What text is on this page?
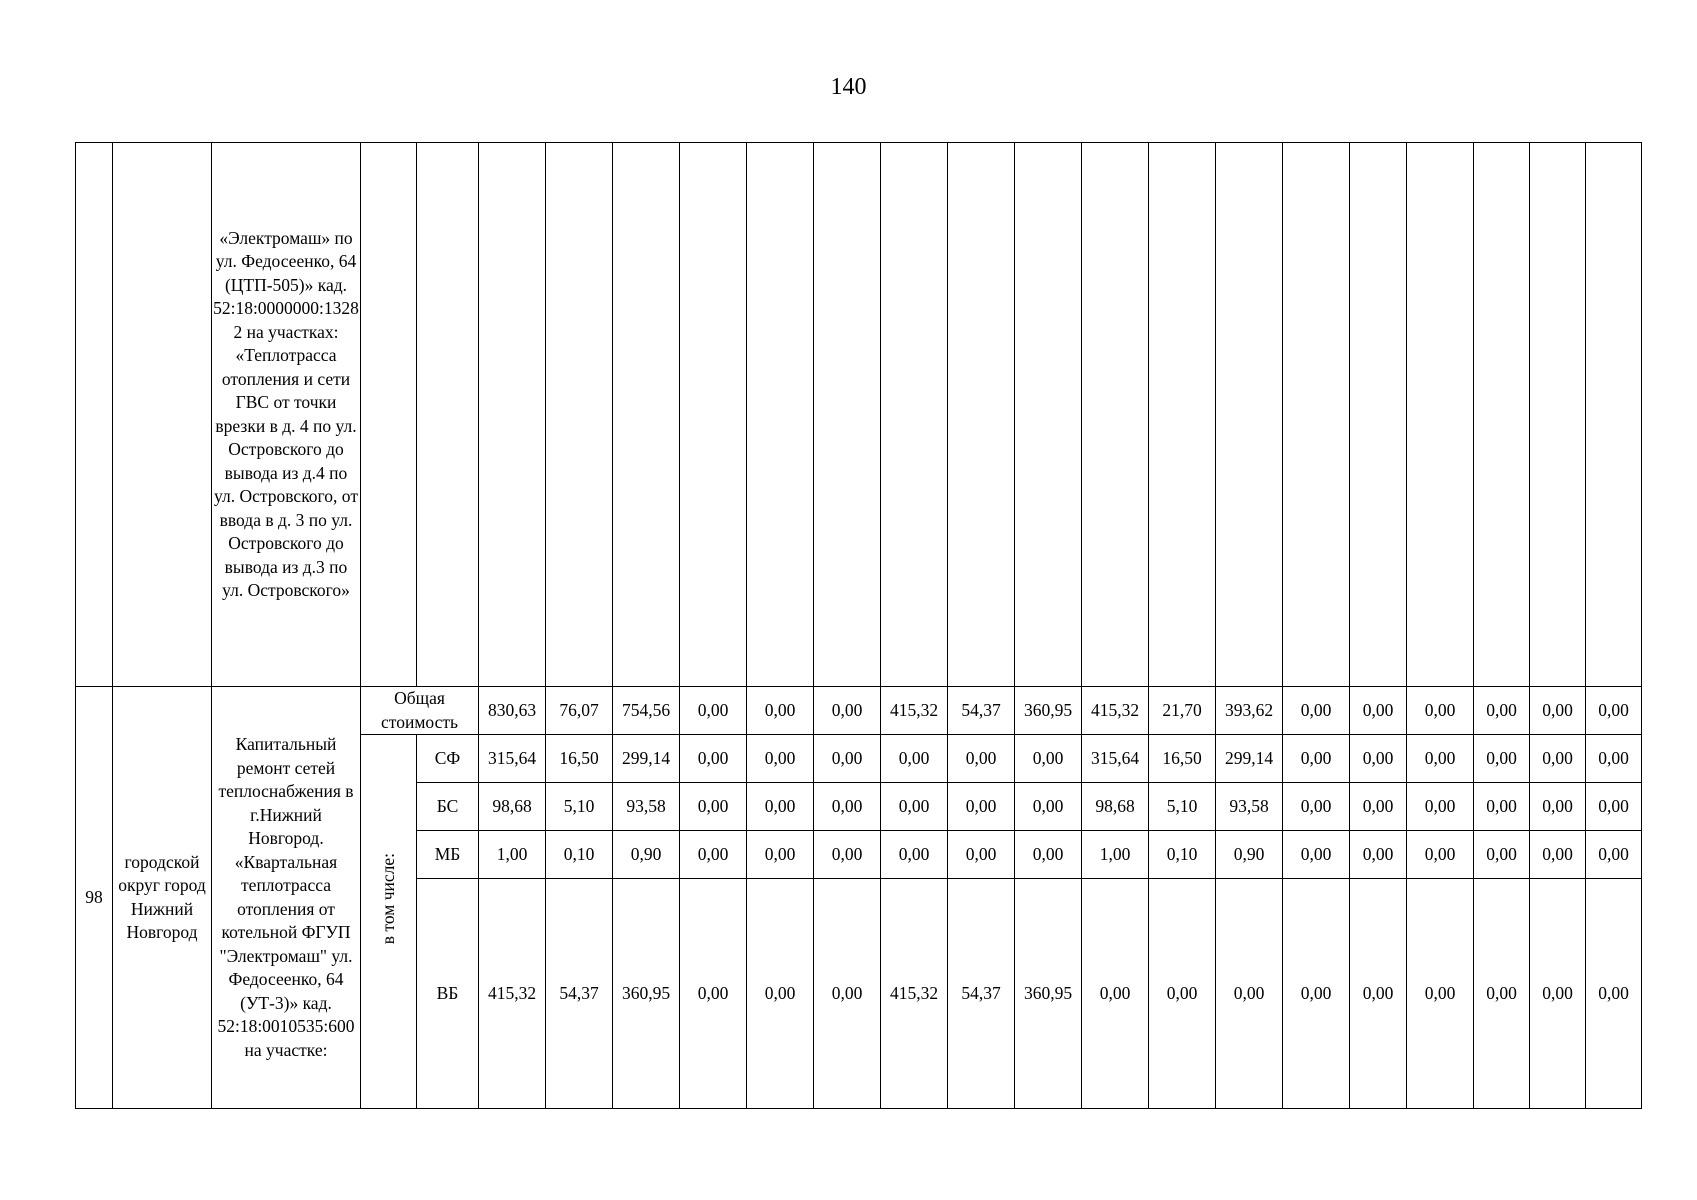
140
		«Электромаш» по ул. Федосеенко, 64 (ЦТП-505)» кад. 52:18:0000000:13282 на участках: «Теплотрасса отопления и сети ГВС от точки врезки в д. 4 по ул. Островского до вывода из д.4 по ул. Островского, от ввода в д. 3 по ул. Островского до вывода из д.3 по ул. Островского»																				
98	городской округ город Нижний Новгород	Капитальный ремонт сетей теплоснабжения в г.Нижний Новгород. «Квартальная теплотрасса отопления от котельной ФГУП "Электромаш" ул. Федосеенко, 64 (УТ-3)» кад. 52:18:0010535:600 на участке:	Общая стоимость		830,63	76,07	754,56	0,00	0,00	0,00	415,32	54,37	360,95	415,32	21,70	393,62	0,00	0,00	0,00	0,00	0,00	0,00
			в том числе:	СФ	315,64	16,50	299,14	0,00	0,00	0,00	0,00	0,00	0,00	315,64	16,50	299,14	0,00	0,00	0,00	0,00	0,00	0,00
				БС	98,68	5,10	93,58	0,00	0,00	0,00	0,00	0,00	0,00	98,68	5,10	93,58	0,00	0,00	0,00	0,00	0,00	0,00
				МБ	1,00	0,10	0,90	0,00	0,00	0,00	0,00	0,00	0,00	1,00	0,10	0,90	0,00	0,00	0,00	0,00	0,00	0,00
				ВБ	415,32	54,37	360,95	0,00	0,00	0,00	415,32	54,37	360,95	0,00	0,00	0,00	0,00	0,00	0,00	0,00	0,00	0,00
